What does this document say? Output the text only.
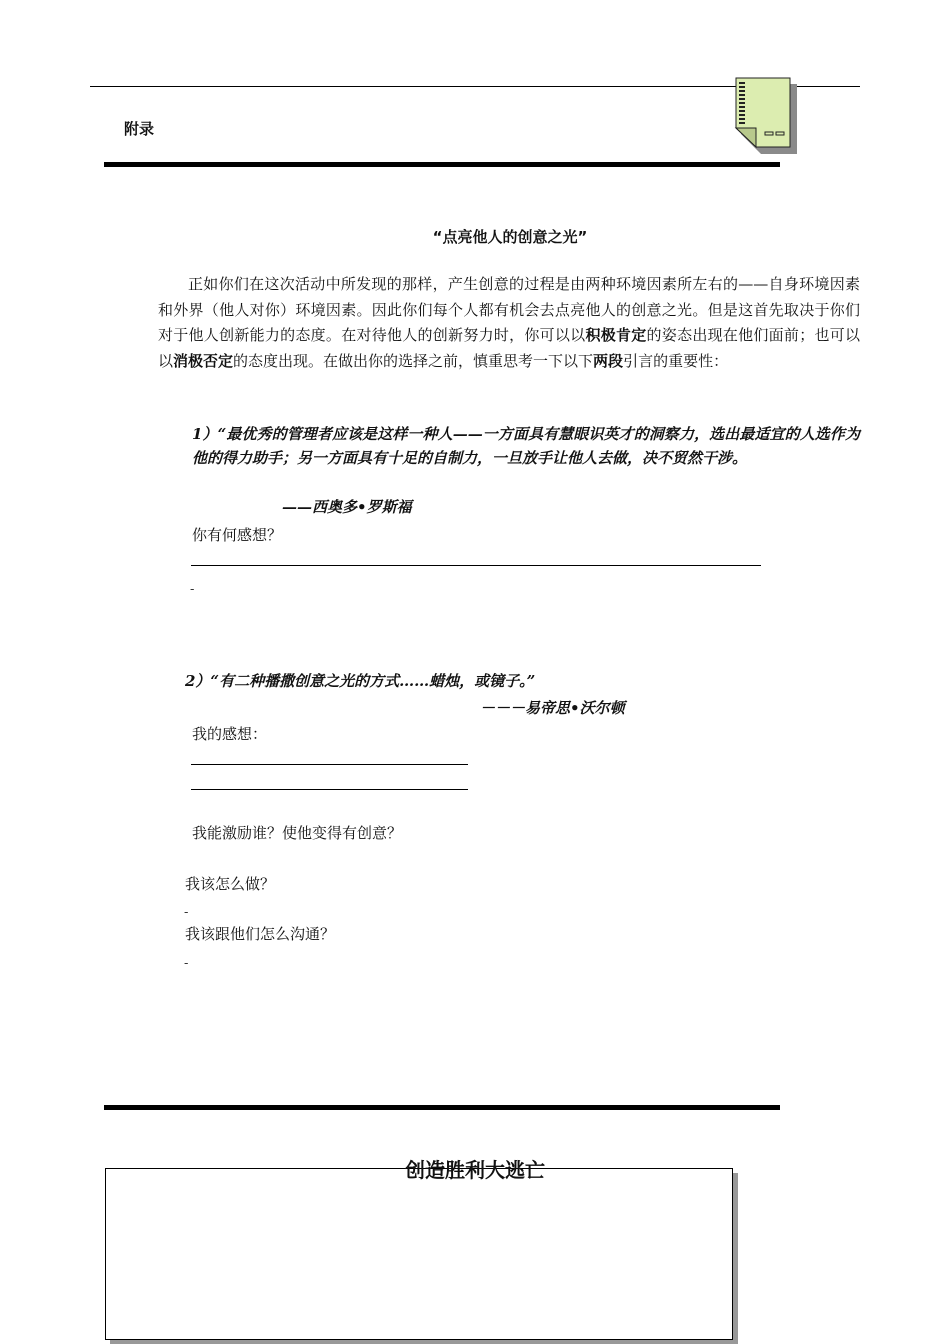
附录
“点亮他人的创意之光”
正如你们在这次活动中所发现的那样，产生创意的过程是由两种环境因素所左右的——自身环境因素和外界（他人对你）环境因素。因此你们每个人都有机会去点亮他人的创意之光。但是这首先取决于你们对于他人创新能力的态度。在对待他人的创新努力时，你可以以积极肯定的姿态出现在他们面前；也可以以消极否定的态度出现。在做出你的选择之前，慎重思考一下以下两段引言的重要性：
1）“最优秀的管理者应该是这样一种人——一方面具有慧眼识英才的洞察力，选出最适宜的人选作为他的得力助手；另一方面具有十足的自制力，一旦放手让他人去做，决不贸然干涉。
——西奥多•罗斯福
你有何感想？
-
2）“有二种播撒创意之光的方式……蜡烛，或镜子。”
－－－易帝思•沃尔顿
我的感想：
我能激励谁？使他变得有创意？
我该怎么做？
-
我该跟他们怎么沟通？
-
创造胜利大逃亡
